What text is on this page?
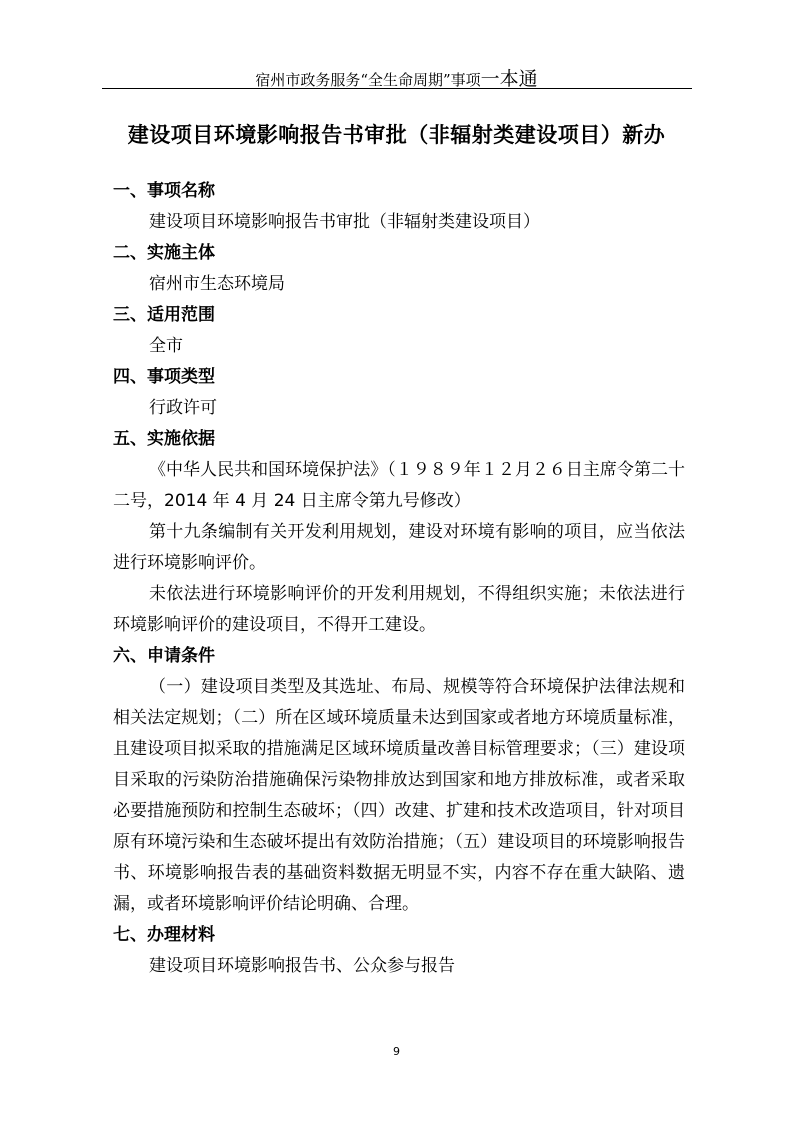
宿州市政务服务“全生命周期”事项一本通
建设项目环境影响报告书审批（非辐射类建设项目）新办
一、事项名称
建设项目环境影响报告书审批（非辐射类建设项目）
二、实施主体
宿州市生态环境局
三、适用范围
全市
四、事项类型
行政许可
五、实施依据

《中华人民共和国环境保护法》（１９８９年１２月２６日主席令第二十二号，2014 年 4 月 24 日主席令第九号修改）

第十九条编制有关开发利用规划，建设对环境有影响的项目，应当依法进行环境影响评价。

未依法进行环境影响评价的开发利用规划，不得组织实施；未依法进行环境影响评价的建设项目，不得开工建设。

六、申请条件

（一）建设项目类型及其选址、布局、规模等符合环境保护法律法规和相关法定规划；（二）所在区域环境质量未达到国家或者地方环境质量标准，且建设项目拟采取的措施满足区域环境质量改善目标管理要求；（三）建设项目采取的污染防治措施确保污染物排放达到国家和地方排放标准，或者采取必要措施预防和控制生态破坏；（四）改建、扩建和技术改造项目，针对项目原有环境污染和生态破坏提出有效防治措施；（五）建设项目的环境影响报告书、环境影响报告表的基础资料数据无明显不实，内容不存在重大缺陷、遗漏，或者环境影响评价结论明确、合理。

七、办理材料
建设项目环境影响报告书、公众参与报告
9
